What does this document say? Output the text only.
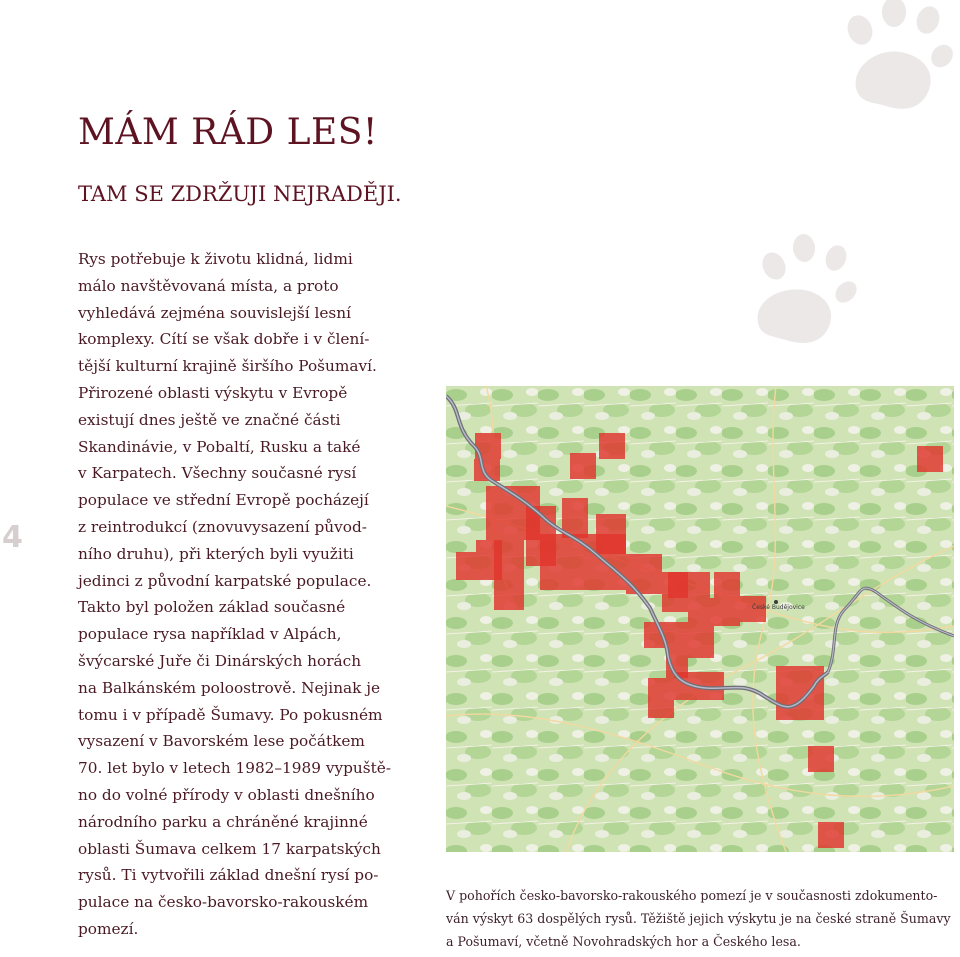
4
MÁM RÁD LES!
TAM SE ZDRŽUJI NEJRADĚJI.
Rys potřebuje k životu klidná, lidmi
málo navštěvovaná místa, a proto
vyhledává zejména souvislejší lesní
komplexy. Cítí se však dobře i v člení-
tější kulturní krajině širšího Pošumaví.
Přirozené oblasti výskytu v Evropě
existují dnes ještě ve značné části
Skandinávie, v Pobaltí, Rusku a také
v Karpatech. Všechny současné rysí
populace ve střední Evropě pocházejí
z reintrodukcí (znovuvysazení původ-
ního druhu), při kterých byli využiti
jedinci z původní karpatské populace.
Takto byl položen základ současné
populace rysa například v Alpách,
švýcarské Juře či Dinárských horách
na Balkánském poloostrově. Nejinak je
tomu i v případě Šumavy. Po pokusném
vysazení v Bavorském lese počátkem
70. let bylo v letech 1982–1989 vypuště-
no do volné přírody v oblasti dnešního
národního parku a chráněné krajinné
oblasti Šumava celkem 17 karpatských
rysů. Ti vytvořili základ dnešní rysí po-
pulace na česko-bavorsko-rakouském
pomezí.
České Budějovice
V pohořích česko-bavorsko-rakouského pomezí je v současnosti zdokumento-
ván výskyt 63 dospělých rysů. Těžiště jejich výskytu je na české straně Šumavy
a Pošumaví, včetně Novohradských hor a Českého lesa.
